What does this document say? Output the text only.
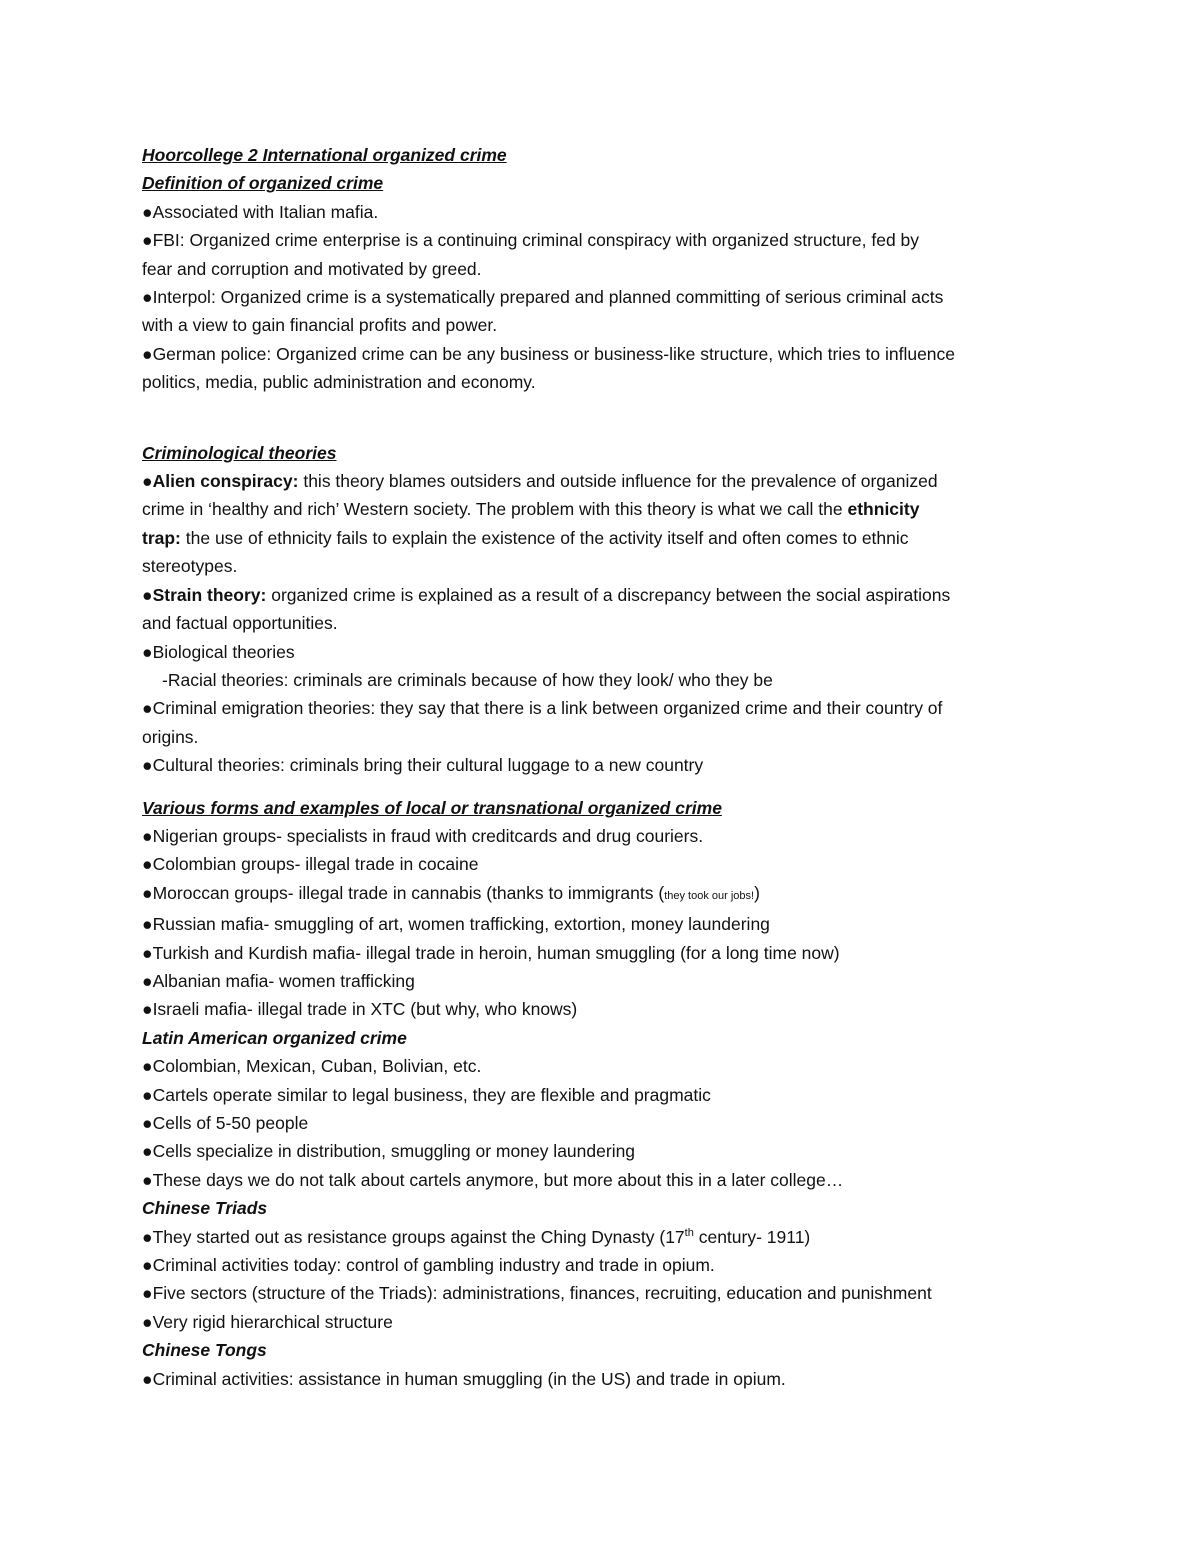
Hoorcollege 2 International organized crime
Definition of organized crime
●Associated with Italian mafia.
●FBI: Organized crime enterprise is a continuing criminal conspiracy with organized structure, fed by
fear and corruption and motivated by greed.
●Interpol: Organized crime is a systematically prepared and planned committing of serious criminal acts
with a view to gain financial profits and power.
●German police: Organized crime can be any business or business-like structure, which tries to influence
politics, media, public administration and economy.
Criminological theories
●Alien conspiracy: this theory blames outsiders and outside influence for the prevalence of organized
crime in ‘healthy and rich’ Western society. The problem with this theory is what we call the ethnicity
trap: the use of ethnicity fails to explain the existence of the activity itself and often comes to ethnic
stereotypes.
●Strain theory: organized crime is explained as a result of a discrepancy between the social aspirations
and factual opportunities.
●Biological theories
-Racial theories: criminals are criminals because of how they look/ who they be
●Criminal emigration theories: they say that there is a link between organized crime and their country of
origins.
●Cultural theories: criminals bring their cultural luggage to a new country
Various forms and examples of local or transnational organized crime
●Nigerian groups- specialists in fraud with creditcards and drug couriers.
●Colombian groups- illegal trade in cocaine
●Moroccan groups- illegal trade in cannabis (thanks to immigrants (they took our jobs!)
●Russian mafia- smuggling of art, women trafficking, extortion, money laundering
●Turkish and Kurdish mafia- illegal trade in heroin, human smuggling (for a long time now)
●Albanian mafia- women trafficking
●Israeli mafia- illegal trade in XTC (but why, who knows)
Latin American organized crime
●Colombian, Mexican, Cuban, Bolivian, etc.
●Cartels operate similar to legal business, they are flexible and pragmatic
●Cells of 5-50 people
●Cells specialize in distribution, smuggling or money laundering
●These days we do not talk about cartels anymore, but more about this in a later college…
Chinese Triads
●They started out as resistance groups against the Ching Dynasty (17th century- 1911)
●Criminal activities today: control of gambling industry and trade in opium.
●Five sectors (structure of the Triads): administrations, finances, recruiting, education and punishment
●Very rigid hierarchical structure
Chinese Tongs
●Criminal activities: assistance in human smuggling (in the US) and trade in opium.
